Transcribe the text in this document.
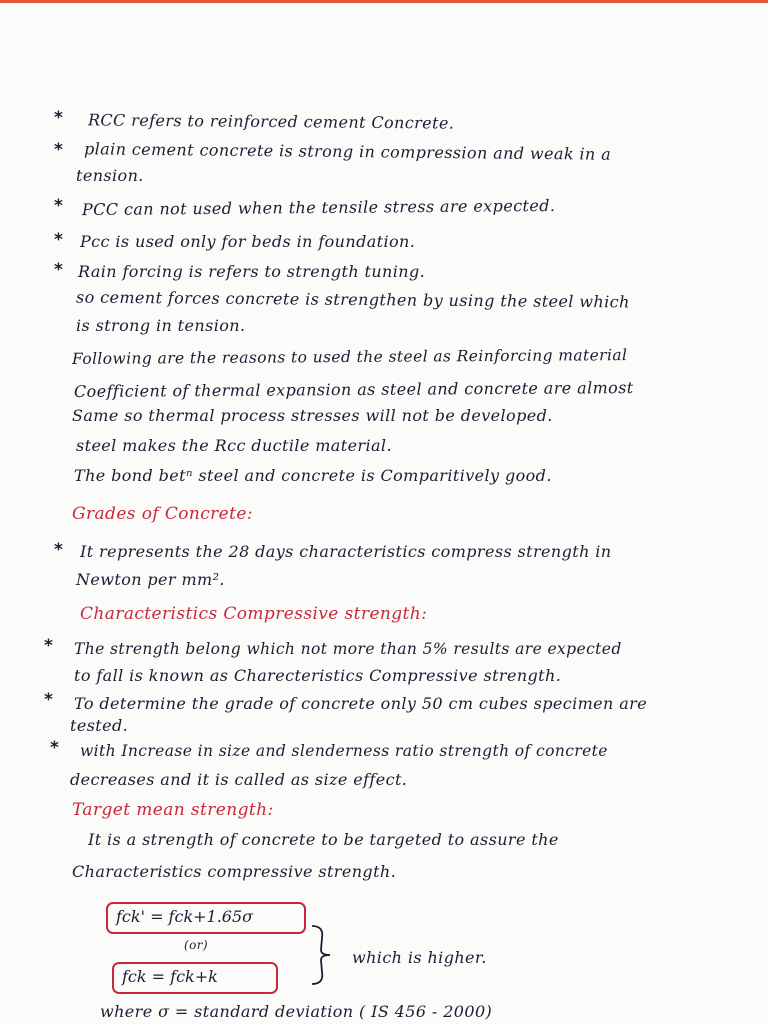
* RCC refers to reinforced cement Concrete.
* plain cement concrete is strong in compression and weak in a
tension.
* PCC can not used when the tensile stress are expected.
* Pcc is used only for beds in foundation.
* Rain forcing is refers to strength tuning.
so cement forces concrete is strengthen by using the steel which
is strong in tension.
Following are the reasons to used the steel as Reinforcing material
Coefficient of thermal expansion as steel and concrete are almost
Same so thermal process stresses will not be developed.
steel makes the Rcc ductile material.
The bond betⁿ steel and concrete is Comparitively good.
Grades of Concrete:
* It represents the 28 days characteristics compress strength in
Newton per mm².
Characteristics Compressive strength:
* The strength belong which not more than 5% results are expected
to fall is known as Charecteristics Compressive strength.
* To determine the grade of concrete only 50 cm cubes specimen are
tested.
* with Increase in size and slenderness ratio strength of concrete
decreases and it is called as size effect.
Target mean strength:
It is a strength of concrete to be targeted to assure the
Characteristics compressive strength.
fck' = fck+1.65σ
(or)
fck = fck+k
which is higher.
where σ = standard deviation ( IS 456 - 2000)
